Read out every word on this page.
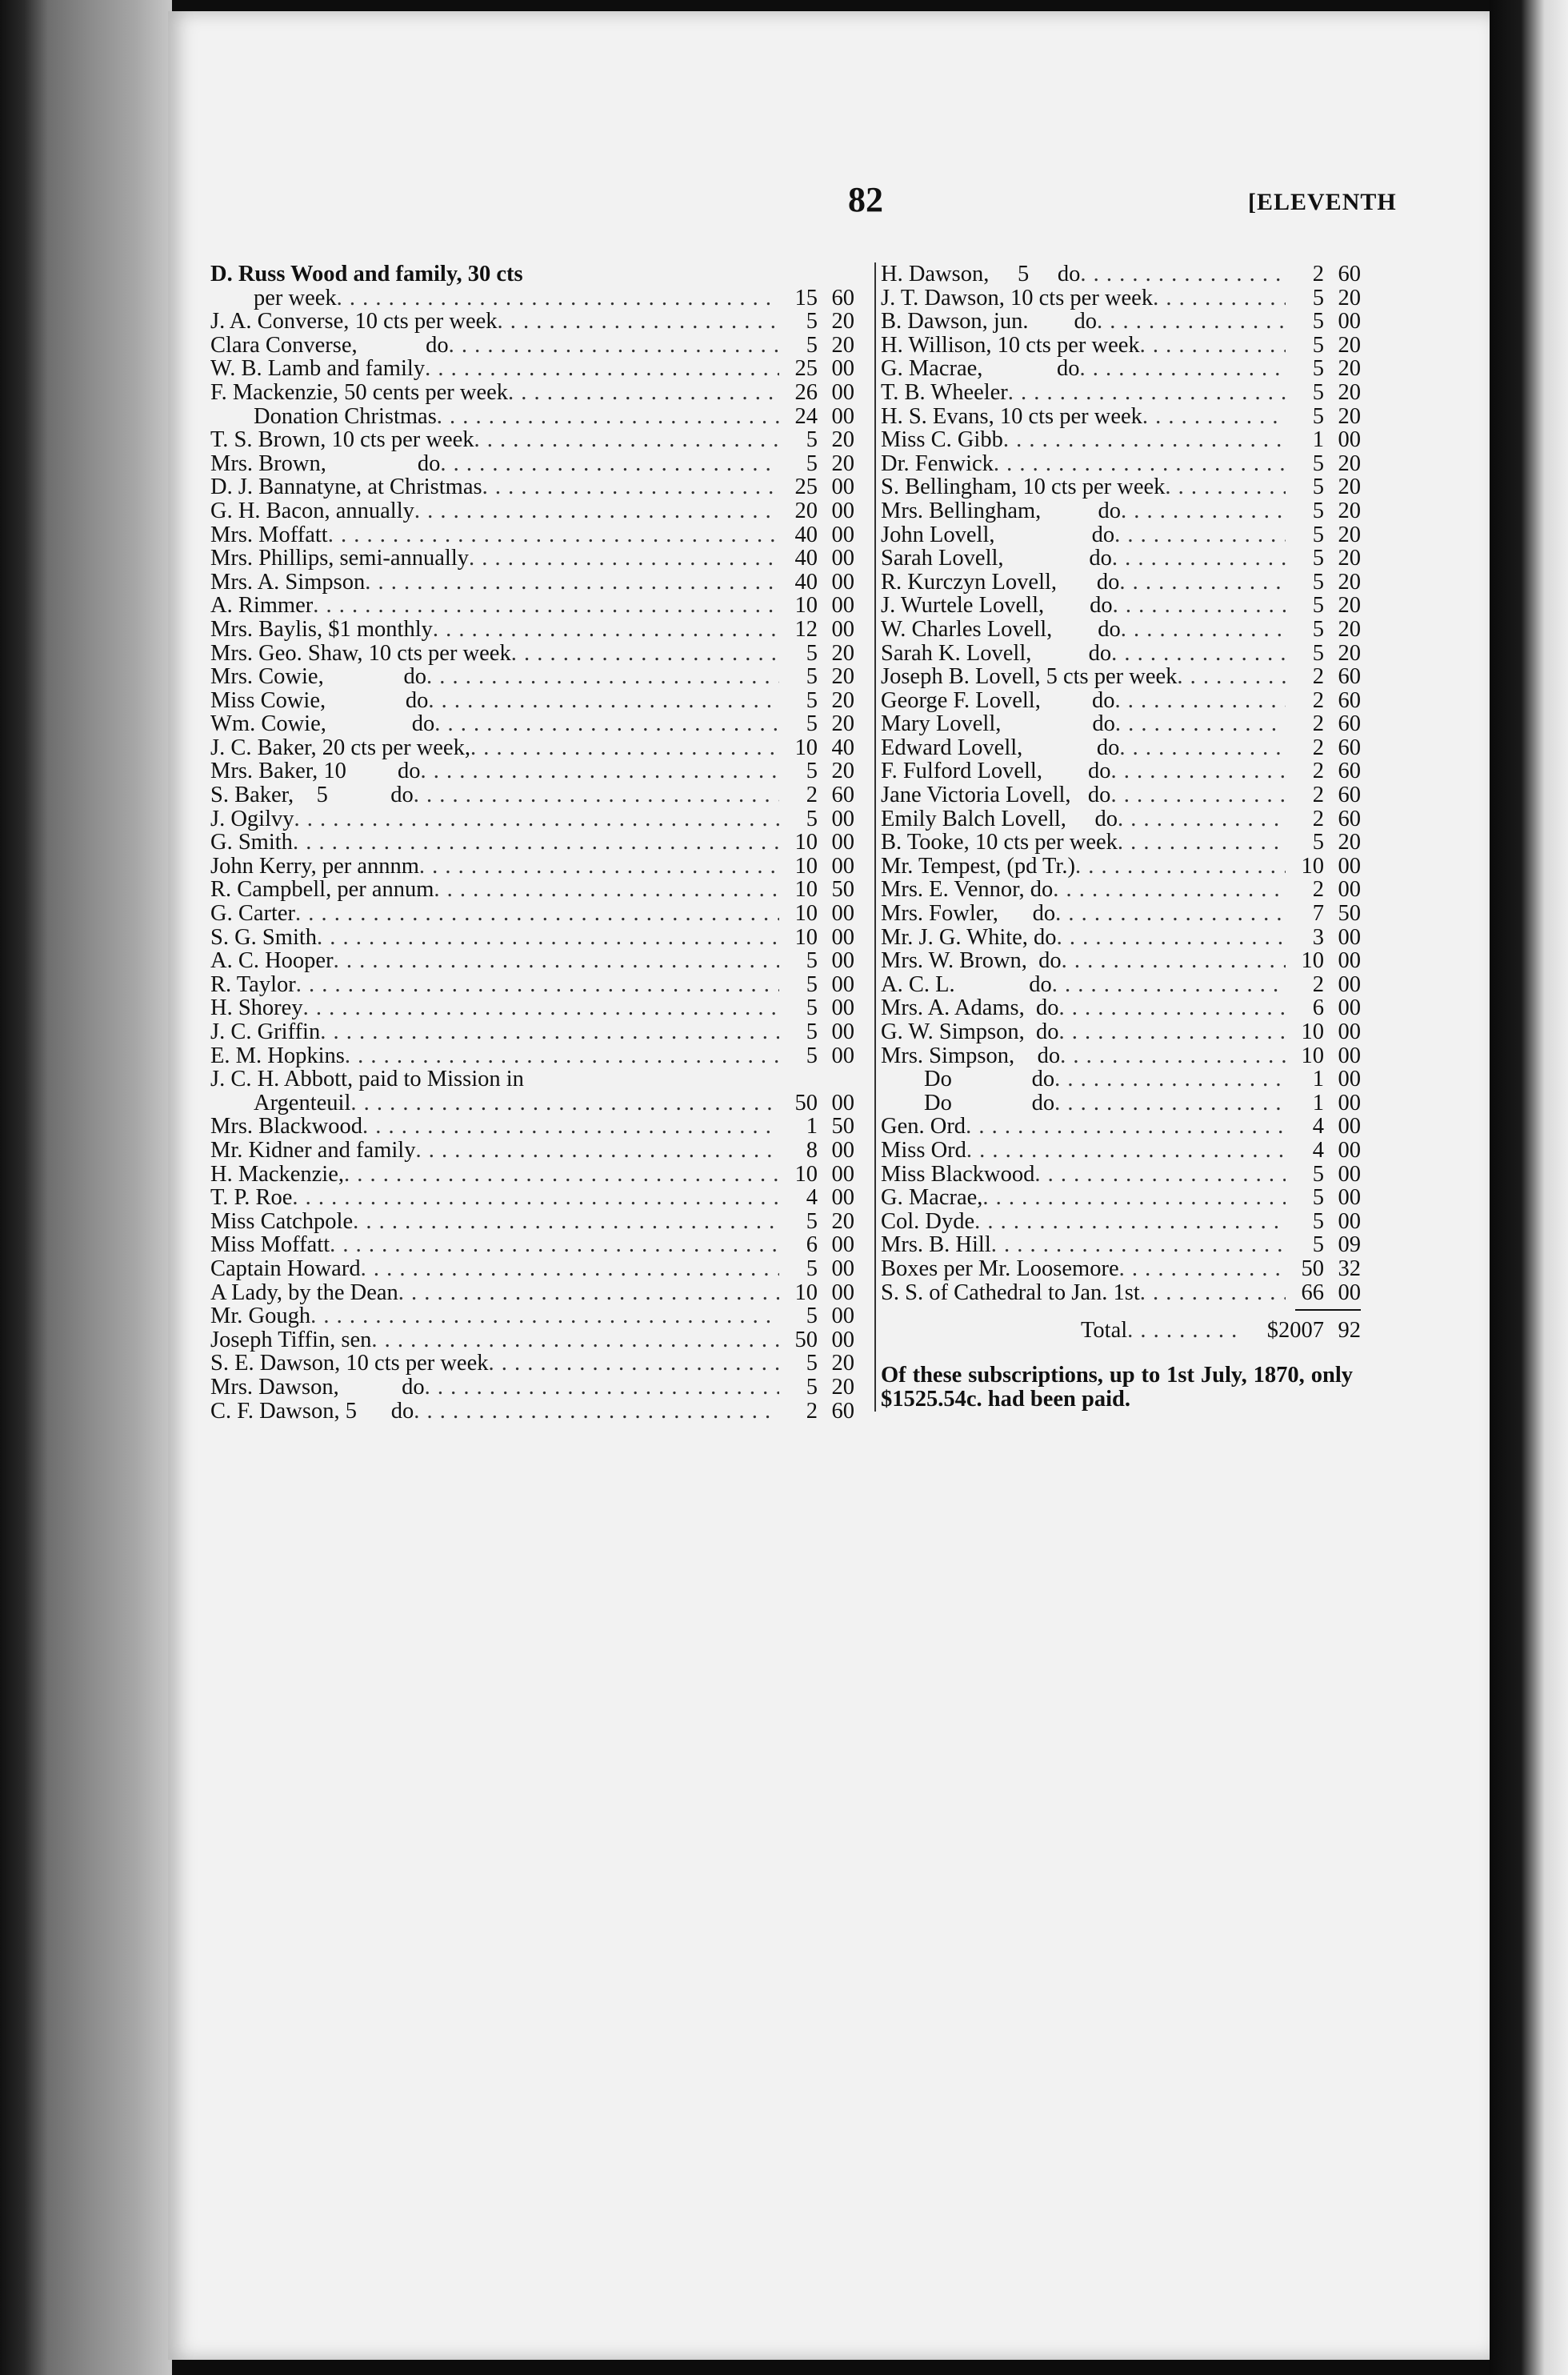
82	[ELEVENTH
D. Russ Wood and family, 30 cts
per week . . .	15 60
J. A. Converse, 10 cts per week . . .	5 20
Clara Converse,            do . . .	5 20
W. B. Lamb and family . . .	25 00
F. Mackenzie, 50 cents per week . . .	26 00
Donation Christmas . . .	24 00
T. S. Brown, 10 cts per week . . .	5 20
Mrs. Brown,                do . . .	5 20
D. J. Bannatyne, at Christmas . . .	25 00
G. H. Bacon, annually . . .	20 00
Mrs. Moffatt . . .	40 00
Mrs. Phillips, semi-annually . . .	40 00
Mrs. A. Simpson . . .	40 00
A. Rimmer . . .	10 00
Mrs. Baylis, $1 monthly . . .	12 00
Mrs. Geo. Shaw, 10 cts per week . . .	5 20
Mrs. Cowie,              do . . .	5 20
Miss Cowie,              do . . .	5 20
Wm. Cowie,               do . . .	5 20
J. C. Baker, 20 cts per week, . . .	10 40
Mrs. Baker, 10         do . . .	5 20
S. Baker,    5           do . . .	2 60
J. Ogilvy . . .	5 00
G. Smith . . .	10 00
John Kerry, per annnm . . .	10 00
R. Campbell, per annum . . .	10 50
G. Carter . . .	10 00
S. G. Smith . . .	10 00
A. C. Hooper . . .	5 00
R. Taylor . . .	5 00
H. Shorey . . .	5 00
J. C. Griffin . . .	5 00
E. M. Hopkins . . .	5 00
J. C. H. Abbott, paid to Mission in
Argenteuil . . .	50 00
Mrs. Blackwood . . .	1 50
Mr. Kidner and family . . .	8 00
H. Mackenzie, . . .	10 00
T. P. Roe . . .	4 00
Miss Catchpole . . .	5 20
Miss Moffatt . . .	6 00
Captain Howard . . .	5 00
A Lady, by the Dean . . .	10 00
Mr. Gough . . .	5 00
Joseph Tiffin, sen . . .	50 00
S. E. Dawson, 10 cts per week . . .	5 20
Mrs. Dawson,           do . . .	5 20
C. F. Dawson, 5      do . . .	2 60
H. Dawson,     5     do . . .	2 60
J. T. Dawson, 10 cts per week . . .	5 20
B. Dawson, jun.        do . . .	5 00
H. Willison, 10 cts per week . . .	5 20
G. Macrae,             do . . .	5 20
T. B. Wheeler . . .	5 20
H. S. Evans, 10 cts per week . . .	5 20
Miss C. Gibb . . .	1 00
Dr. Fenwick . . .	5 20
S. Bellingham, 10 cts per week . . .	5 20
Mrs. Bellingham,          do . . .	5 20
John Lovell,                 do . . .	5 20
Sarah Lovell,               do . . .	5 20
R. Kurczyn Lovell,       do . . .	5 20
J. Wurtele Lovell,        do . . .	5 20
W. Charles Lovell,        do . . .	5 20
Sarah K. Lovell,          do . . .	5 20
Joseph B. Lovell, 5 cts per week . . .	2 60
George F. Lovell,         do . . .	2 60
Mary Lovell,                do . . .	2 60
Edward Lovell,             do . . .	2 60
F. Fulford Lovell,        do . . .	2 60
Jane Victoria Lovell,   do . . .	2 60
Emily Balch Lovell,     do . . .	2 60
B. Tooke, 10 cts per week . . .	5 20
Mr. Tempest, (pd Tr.) . . .	10 00
Mrs. E. Vennor, do . . .	2 00
Mrs. Fowler,      do . . .	7 50
Mr. J. G. White, do . . .	3 00
Mrs. W. Brown,  do . . .	10 00
A. C. L.             do . . .	2 00
Mrs. A. Adams,  do . . .	6 00
G. W. Simpson,  do . . .	10 00
Mrs. Simpson,    do . . .	10 00
Do              do . . .	1 00
Do              do . . .	1 00
Gen. Ord . . .	4 00
Miss Ord . . .	4 00
Miss Blackwood . . .	5 00
G. Macrae, . . .	5 00
Col. Dyde . . .	5 00
Mrs. B. Hill . . .	5 09
Boxes per Mr. Loosemore . . .	50 32
S. S. of Cathedral to Jan. 1st . . .	66 00
Total . . .	$2007 92
Of these subscriptions, up to 1st July, 1870, only $1525.54c. had been paid.
